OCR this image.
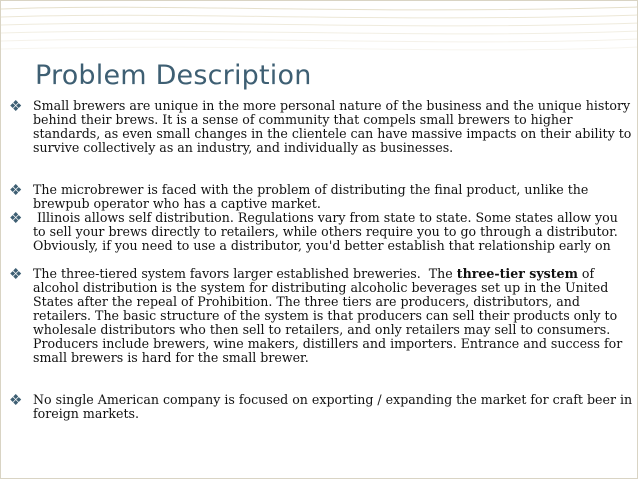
Problem Description
❖ Small brewers are unique in the more personal nature of the business and the unique history behind their brews. It is a sense of community that compels small brewers to higher standards, as even small changes in the clientele can have massive impacts on their ability to survive collectively as an industry, and individually as businesses.
❖ The microbrewer is faced with the problem of distributing the final product, unlike the brewpub operator who has a captive market.
❖ Illinois allows self distribution. Regulations vary from state to state. Some states allow you to sell your brews directly to retailers, while others require you to go through a distributor. Obviously, if you need to use a distributor, you'd better establish that relationship early on
❖ The three-tiered system favors larger established breweries.  The three-tier system of alcohol distribution is the system for distributing alcoholic beverages set up in the United States after the repeal of Prohibition. The three tiers are producers, distributors, and retailers. The basic structure of the system is that producers can sell their products only to wholesale distributors who then sell to retailers, and only retailers may sell to consumers. Producers include brewers, wine makers, distillers and importers. Entrance and success for small brewers is hard for the small brewer.
❖ No single American company is focused on exporting / expanding the market for craft beer in foreign markets.
